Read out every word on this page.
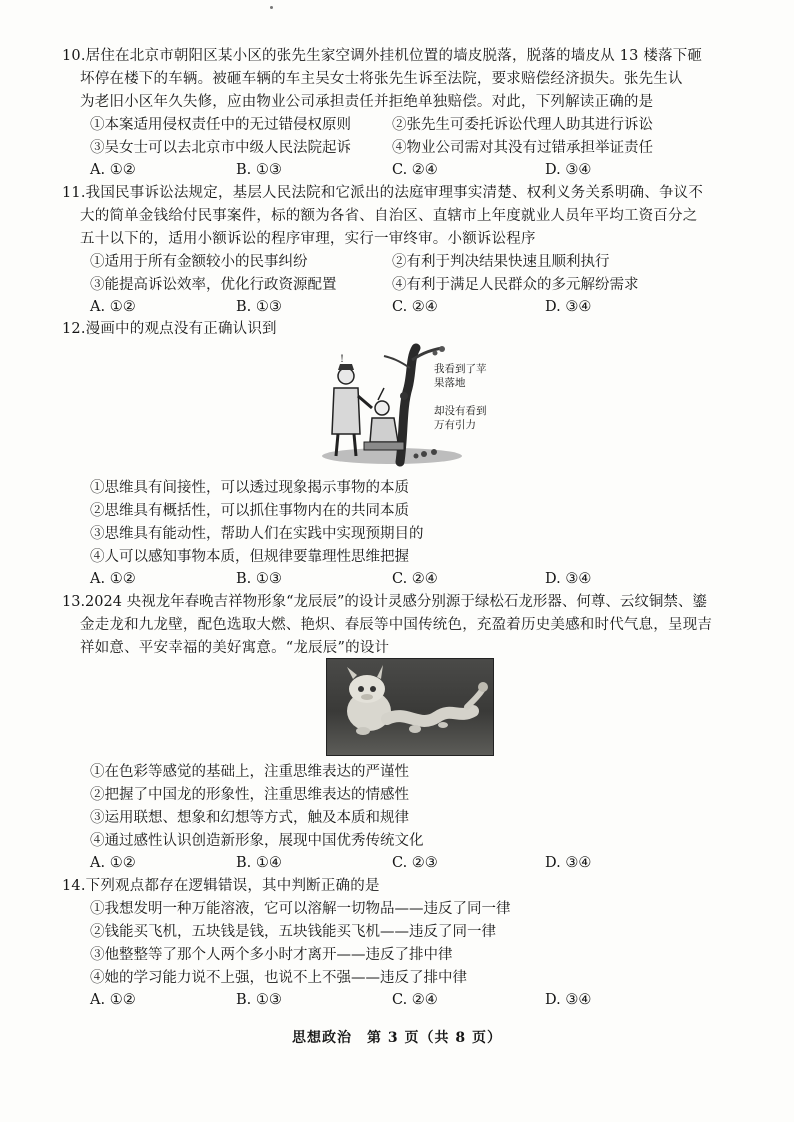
10.居住在北京市朝阳区某小区的张先生家空调外挂机位置的墙皮脱落，脱落的墙皮从 13 楼落下砸
坏停在楼下的车辆。被砸车辆的车主吴女士将张先生诉至法院，要求赔偿经济损失。张先生认
为老旧小区年久失修，应由物业公司承担责任并拒绝单独赔偿。对此，下列解读正确的是
①本案适用侵权责任中的无过错侵权原则	②张先生可委托诉讼代理人助其进行诉讼
③吴女士可以去北京市中级人民法院起诉	④物业公司需对其没有过错承担举证责任
A. ①②	B. ①③	C. ②④	D. ③④
11.我国民事诉讼法规定，基层人民法院和它派出的法庭审理事实清楚、权利义务关系明确、争议不
大的简单金钱给付民事案件，标的额为各省、自治区、直辖市上年度就业人员年平均工资百分之
五十以下的，适用小额诉讼的程序审理，实行一审终审。小额诉讼程序
①适用于所有金额较小的民事纠纷	②有利于判决结果快速且顺利执行
③能提高诉讼效率，优化行政资源配置	④有利于满足人民群众的多元解纷需求
A. ①②	B. ①③	C. ②④	D. ③④
12.漫画中的观点没有正确认识到
!
我看到了苹
果落地
却没有看到
万有引力
①思维具有间接性，可以透过现象揭示事物的本质
②思维具有概括性，可以抓住事物内在的共同本质
③思维具有能动性，帮助人们在实践中实现预期目的
④人可以感知事物本质，但规律要靠理性思维把握
A. ①②	B. ①③	C. ②④	D. ③④
13.2024 央视龙年春晚吉祥物形象“龙辰辰”的设计灵感分别源于绿松石龙形器、何尊、云纹铜禁、鎏
金走龙和九龙壁，配色选取大燃、艳炽、春辰等中国传统色，充盈着历史美感和时代气息，呈现吉
祥如意、平安幸福的美好寓意。“龙辰辰”的设计
①在色彩等感觉的基础上，注重思维表达的严谨性
②把握了中国龙的形象性，注重思维表达的情感性
③运用联想、想象和幻想等方式，触及本质和规律
④通过感性认识创造新形象，展现中国优秀传统文化
A. ①②	B. ①④	C. ②③	D. ③④
14.下列观点都存在逻辑错误，其中判断正确的是
①我想发明一种万能溶液，它可以溶解一切物品——违反了同一律
②钱能买飞机，五块钱是钱，五块钱能买飞机——违反了同一律
③他整整等了那个人两个多小时才离开——违反了排中律
④她的学习能力说不上强，也说不上不强——违反了排中律
A. ①②	B. ①③	C. ②④	D. ③④
思想政治　第 3 页（共 8 页）
